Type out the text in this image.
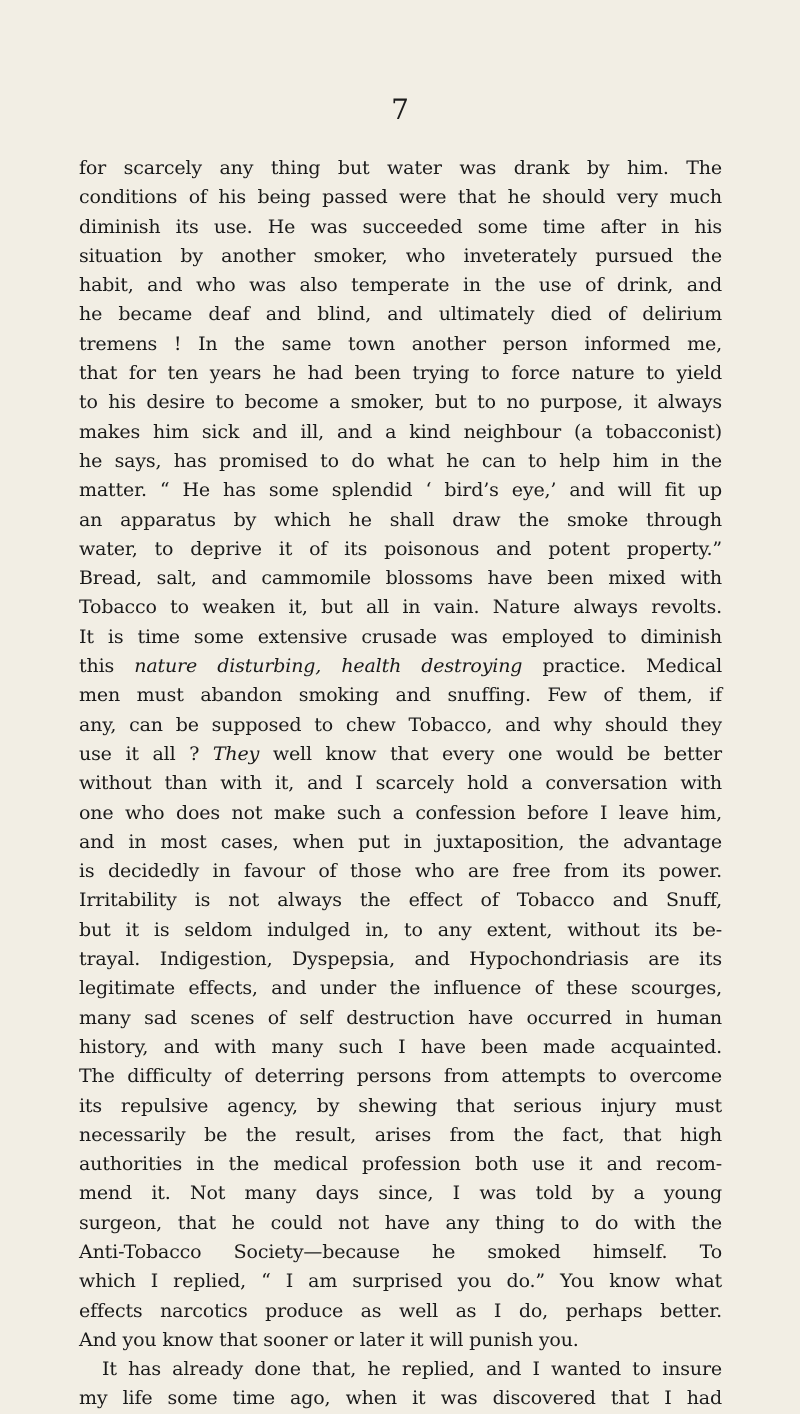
7
for scarcely any thing but water was drank by him. The
conditions of his being passed were that he should very much
diminish its use. He was succeeded some time after in his
situation by another smoker, who inveterately pursued the
habit, and who was also temperate in the use of drink, and
he became deaf and blind, and ultimately died of delirium
tremens ! In the same town another person informed me,
that for ten years he had been trying to force nature to yield
to his desire to become a smoker, but to no purpose, it always
makes him sick and ill, and a kind neighbour (a tobacconist)
he says, has promised to do what he can to help him in the
matter. “ He has some splendid ‘ bird’s eye,’ and will fit up
an apparatus by which he shall draw the smoke through
water, to deprive it of its poisonous and potent property.”
Bread, salt, and cammomile blossoms have been mixed with
Tobacco to weaken it, but all in vain. Nature always revolts.
It is time some extensive crusade was employed to diminish
this nature disturbing, health destroying practice. Medical
men must abandon smoking and snuffing. Few of them, if
any, can be supposed to chew Tobacco, and why should they
use it all ? They well know that every one would be better
without than with it, and I scarcely hold a conversation with
one who does not make such a confession before I leave him,
and in most cases, when put in juxtaposition, the advantage
is decidedly in favour of those who are free from its power.
Irritability is not always the effect of Tobacco and Snuff,
but it is seldom indulged in, to any extent, without its be-
trayal. Indigestion, Dyspepsia, and Hypochondriasis are its
legitimate effects, and under the influence of these scourges,
many sad scenes of self destruction have occurred in human
history, and with many such I have been made acquainted.
The difficulty of deterring persons from attempts to overcome
its repulsive agency, by shewing that serious injury must
necessarily be the result, arises from the fact, that high
authorities in the medical profession both use it and recom-
mend it. Not many days since, I was told by a young
surgeon, that he could not have any thing to do with the
Anti-Tobacco Society—because he smoked himself. To
which I replied, “ I am surprised you do.” You know what
effects narcotics produce as well as I do, perhaps better.
And you know that sooner or later it will punish you.
It has already done that, he replied, and I wanted to insure
my life some time ago, when it was discovered that I had
